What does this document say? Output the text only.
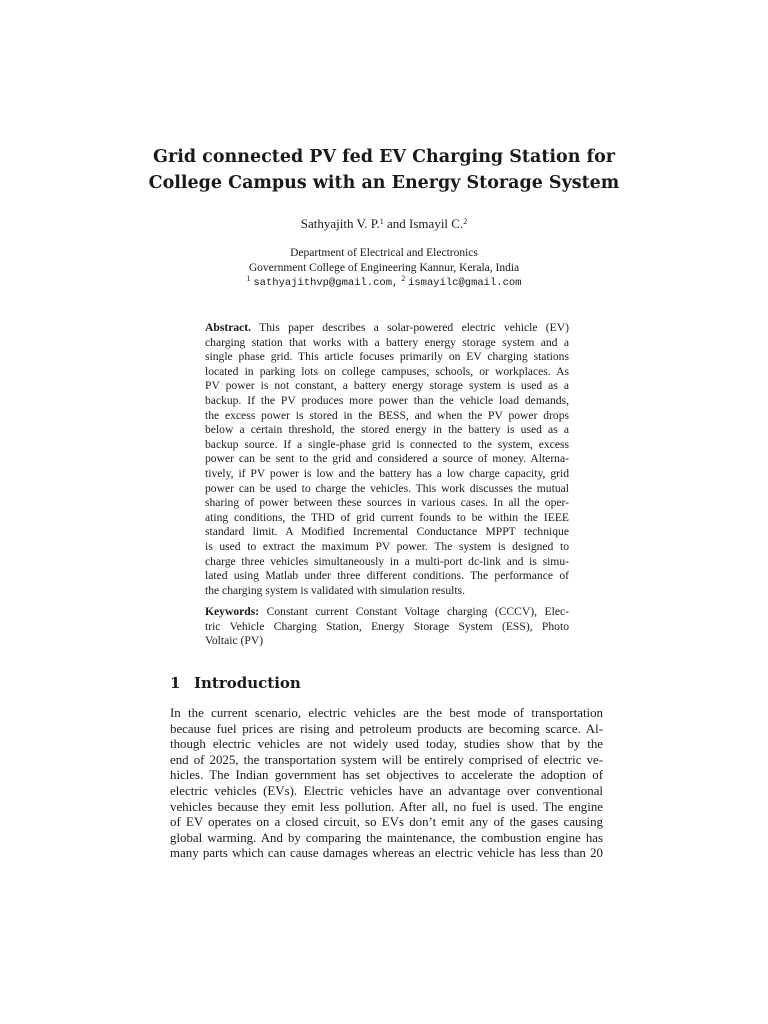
Grid connected PV fed EV Charging Station for
College Campus with an Energy Storage System
Sathyajith V. P.$^1$ and Ismayil C.$^2$
Department of Electrical and Electronics
Government College of Engineering Kannur, Kerala, India
$^1$ sathyajithvp@gmail.com, $^2$ ismayilc@gmail.com
Abstract. This paper describes a solar-powered electric vehicle (EV)
charging station that works with a battery energy storage system and a
single phase grid. This article focuses primarily on EV charging stations
located in parking lots on college campuses, schools, or workplaces. As
PV power is not constant, a battery energy storage system is used as a
backup. If the PV produces more power than the vehicle load demands,
the excess power is stored in the BESS, and when the PV power drops
below a certain threshold, the stored energy in the battery is used as a
backup source. If a single-phase grid is connected to the system, excess
power can be sent to the grid and considered a source of money. Alterna-
tively, if PV power is low and the battery has a low charge capacity, grid
power can be used to charge the vehicles. This work discusses the mutual
sharing of power between these sources in various cases. In all the oper-
ating conditions, the THD of grid current founds to be within the IEEE
standard limit. A Modified Incremental Conductance MPPT technique
is used to extract the maximum PV power. The system is designed to
charge three vehicles simultaneously in a multi-port dc-link and is simu-
lated using Matlab under three different conditions. The performance of
the charging system is validated with simulation results.
Keywords: Constant current Constant Voltage charging (CCCV), Elec-
tric Vehicle Charging Station, Energy Storage System (ESS), Photo
Voltaic (PV)
1 Introduction
In the current scenario, electric vehicles are the best mode of transportation
because fuel prices are rising and petroleum products are becoming scarce. Al-
though electric vehicles are not widely used today, studies show that by the
end of 2025, the transportation system will be entirely comprised of electric ve-
hicles. The Indian government has set objectives to accelerate the adoption of
electric vehicles (EVs). Electric vehicles have an advantage over conventional
vehicles because they emit less pollution. After all, no fuel is used. The engine
of EV operates on a closed circuit, so EVs don’t emit any of the gases causing
global warming. And by comparing the maintenance, the combustion engine has
many parts which can cause damages whereas an electric vehicle has less than 20
